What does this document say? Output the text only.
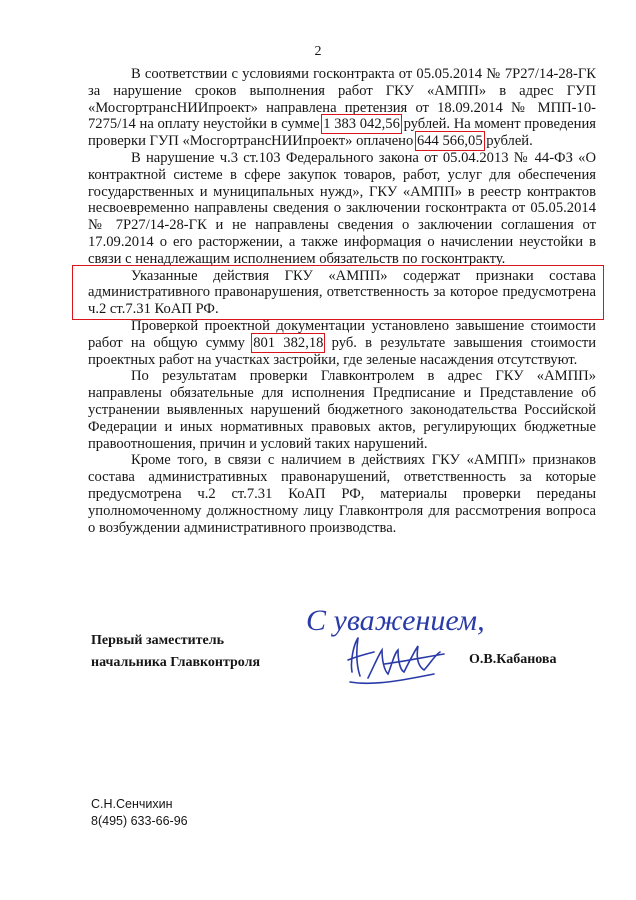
2

В соответствии с условиями госконтракта от 05.05.2014 № 7Р27/14-28-ГК за нарушение сроков выполнения работ ГКУ «АМПП» в адрес ГУП «МосгортрансНИИпроект» направлена претензия от 18.09.2014 № МПП-10-7275/14 на оплату неустойки в сумме 1 383 042,56 рублей. На момент проведения проверки ГУП «МосгортрансНИИпроект» оплачено 644 566,05 рублей.

В нарушение ч.3 ст.103 Федерального закона от 05.04.2013 № 44-ФЗ «О контрактной системе в сфере закупок товаров, работ, услуг для обеспечения государственных и муниципальных нужд», ГКУ «АМПП» в реестр контрактов несвоевременно направлены сведения о заключении госконтракта от 05.05.2014 № 7Р27/14-28-ГК и не направлены сведения о заключении соглашения от 17.09.2014 о его расторжении, а также информация о начислении неустойки в связи с ненадлежащим исполнением обязательств по госконтракту.

Указанные действия ГКУ «АМПП» содержат признаки состава административного правонарушения, ответственность за которое предусмотрена ч.2 ст.7.31 КоАП РФ.

Проверкой проектной документации установлено завышение стоимости работ на общую сумму 801 382,18 руб. в результате завышения стоимости проектных работ на участках застройки, где зеленые насаждения отсутствуют.

По результатам проверки Главконтролем в адрес ГКУ «АМПП» направлены обязательные для исполнения Предписание и Представление об устранении выявленных нарушений бюджетного законодательства Российской Федерации и иных нормативных правовых актов, регулирующих бюджетные правоотношения, причин и условий таких нарушений.

Кроме того, в связи с наличием в действиях ГКУ «АМПП» признаков состава административных правонарушений, ответственность за которые предусмотрена ч.2 ст.7.31 КоАП РФ, материалы проверки переданы уполномоченному должностному лицу Главконтроля для рассмотрения вопроса о возбуждении административного производства.

С уважением,
Первый заместитель
начальника Главконтроля	О.В.Кабанова
С.Н.Сенчихин
8(495) 633-66-96
